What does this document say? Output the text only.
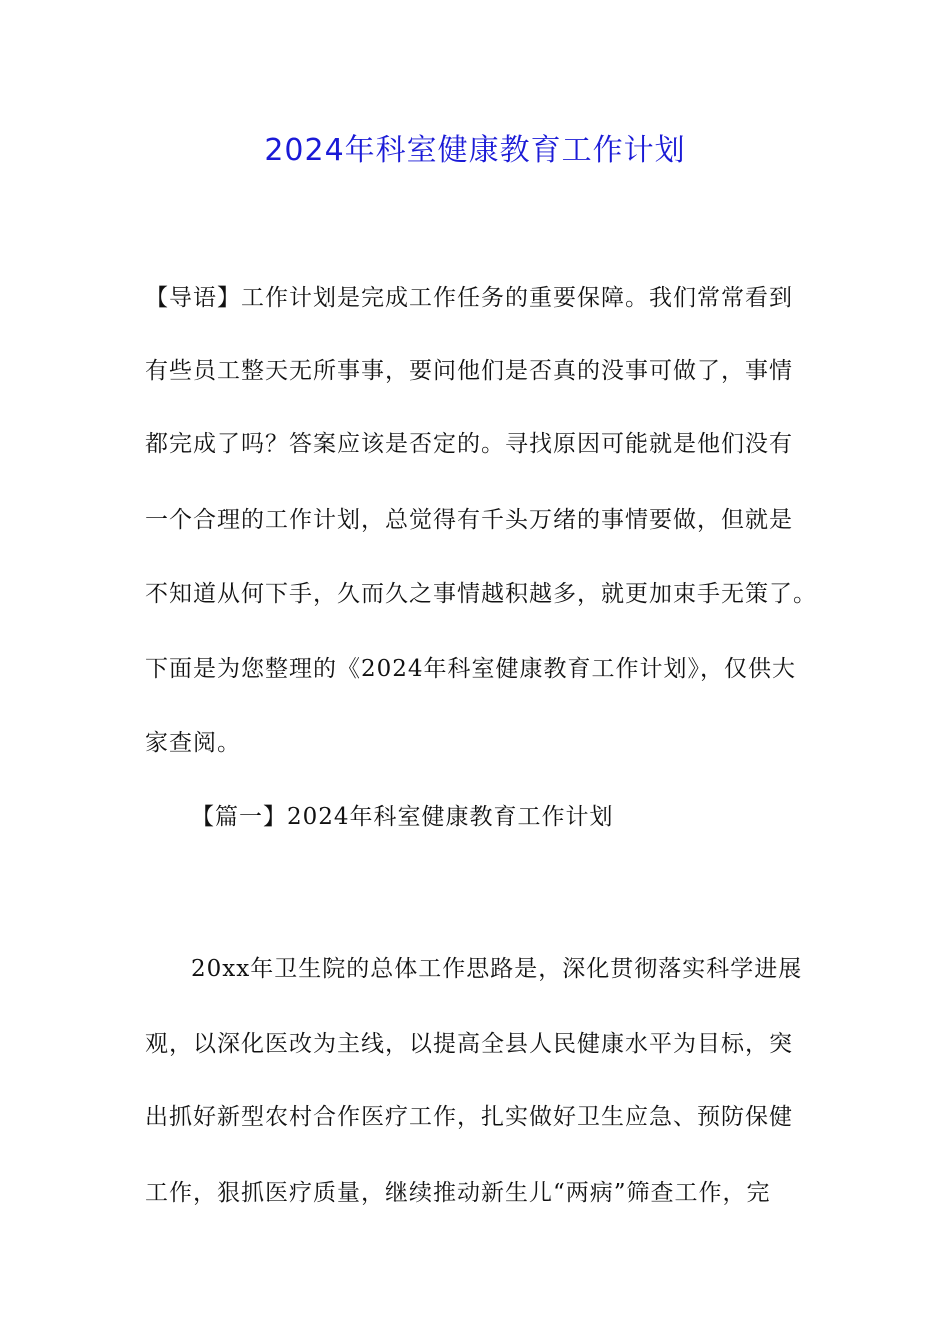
2024年科室健康教育工作计划
【导语】工作计划是完成工作任务的重要保障。我们常常看到
有些员工整天无所事事，要问他们是否真的没事可做了，事情
都完成了吗？答案应该是否定的。寻找原因可能就是他们没有
一个合理的工作计划，总觉得有千头万绪的事情要做，但就是
不知道从何下手，久而久之事情越积越多，就更加束手无策了。
下面是为您整理的《2024年科室健康教育工作计划》，仅供大
家查阅。
【篇一】2024年科室健康教育工作计划
20xx年卫生院的总体工作思路是，深化贯彻落实科学进展
观，以深化医改为主线，以提高全县人民健康水平为目标，突
出抓好新型农村合作医疗工作，扎实做好卫生应急、预防保健
工作，狠抓医疗质量，继续推动新生儿“两病”筛查工作，完
